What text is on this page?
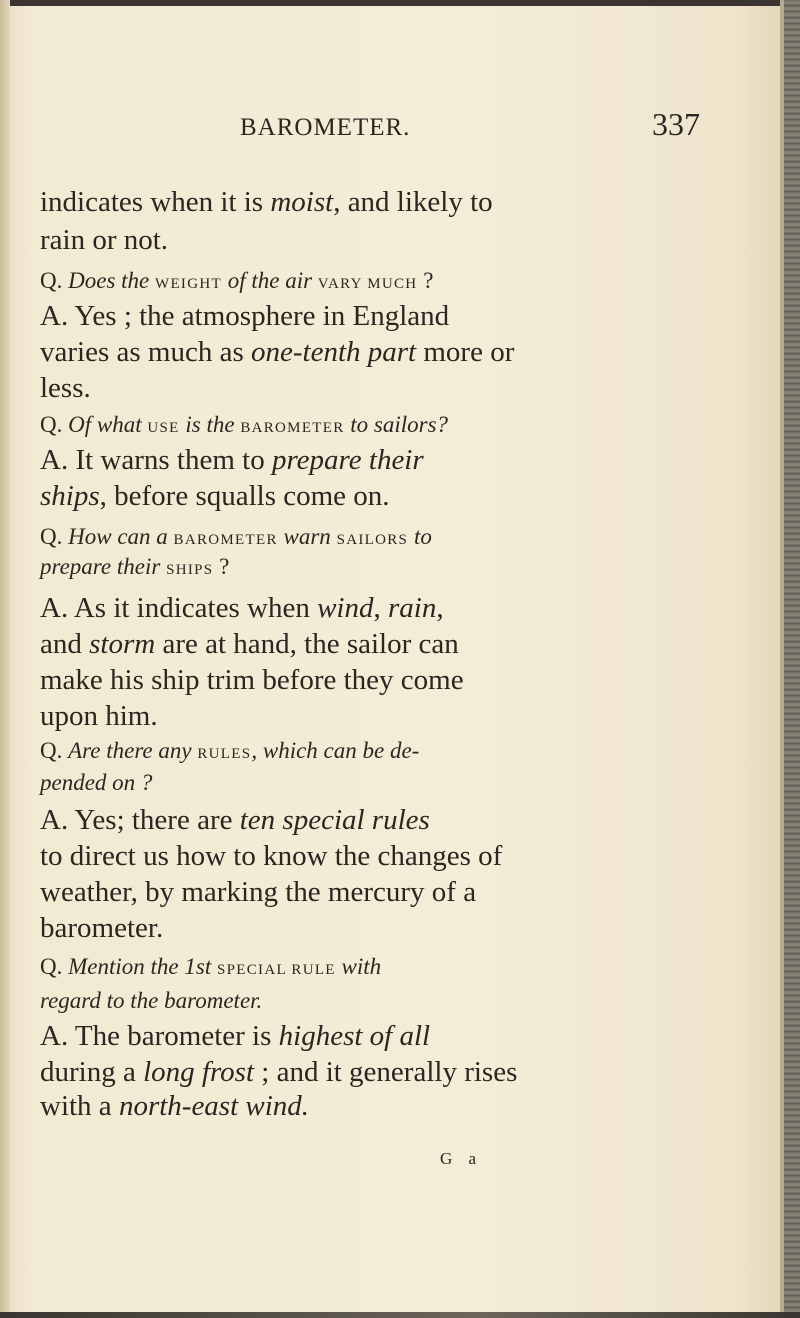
BAROMETER.	337
indicates when it is moist, and likely to
rain or not.
Q. Does the WEIGHT of the air VARY MUCH ?
A. Yes ; the atmosphere in England
varies as much as one-tenth part more or
less.
Q. Of what USE is the BAROMETER to sailors?
A. It warns them to prepare their
ships, before squalls come on.
Q. How can a BAROMETER warn SAILORS to
prepare their SHIPS ?
A. As it indicates when wind, rain,
and storm are at hand, the sailor can
make his ship trim before they come
upon him.
Q. Are there any RULES, which can be de-
pended on ?
A. Yes; there are ten special rules
to direct us how to know the changes of
weather, by marking the mercury of a
barometer.
Q. Mention the 1st SPECIAL RULE with
regard to the barometer.
A. The barometer is highest of all
during a long frost ; and it generally rises
with a north-east wind.
G a
